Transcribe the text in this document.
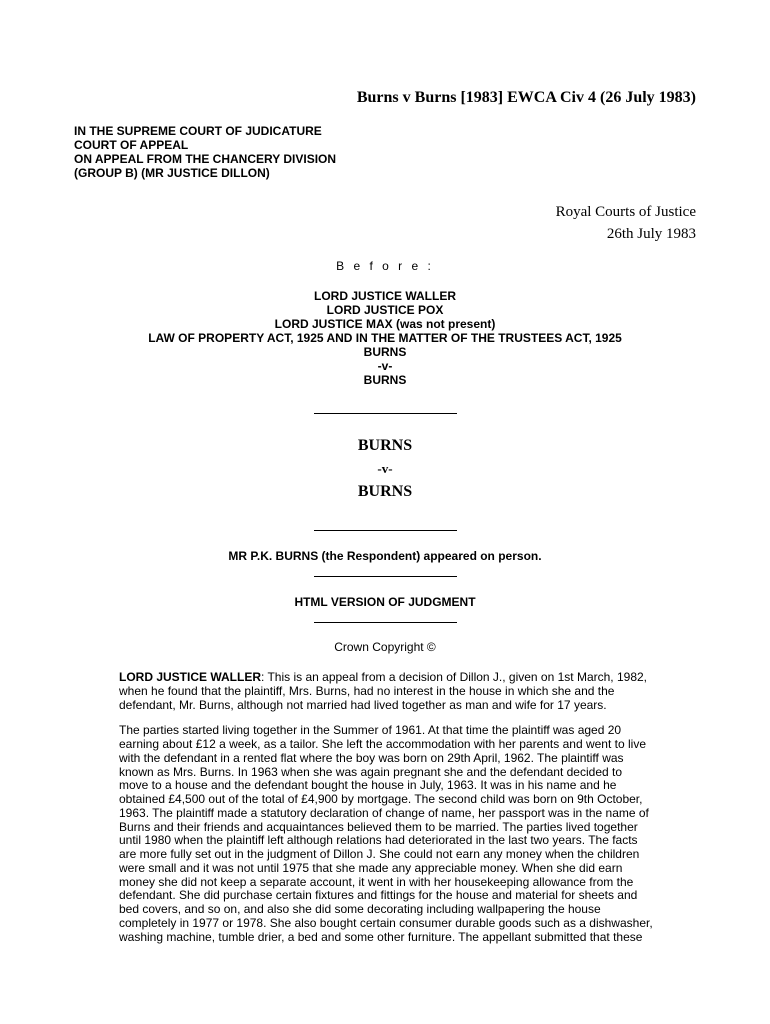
Burns v Burns [1983] EWCA Civ 4 (26 July 1983)
IN THE SUPREME COURT OF JUDICATURE
COURT OF APPEAL
ON APPEAL FROM THE CHANCERY DIVISION
(GROUP B) (MR JUSTICE DILLON)
Royal Courts of Justice
26th July 1983
B e f o r e :
LORD JUSTICE WALLER
LORD JUSTICE POX
LORD JUSTICE MAX (was not present)
LAW OF PROPERTY ACT, 1925 AND IN THE MATTER OF THE TRUSTEES ACT, 1925
BURNS
-v-
BURNS
BURNS
-v-
BURNS
MR P.K. BURNS (the Respondent) appeared on person.
HTML VERSION OF JUDGMENT
Crown Copyright ©

LORD JUSTICE WALLER: This is an appeal from a decision of Dillon J., given on 1st March, 1982,
when he found that the plaintiff, Mrs. Burns, had no interest in the house in which she and the
defendant, Mr. Burns, although not married had lived together as man and wife for 17 years.

The parties started living together in the Summer of 1961. At that time the plaintiff was aged 20
earning about £12 a week, as a tailor. She left the accommodation with her parents and went to live
with the defendant in a rented flat where the boy was born on 29th April, 1962. The plaintiff was
known as Mrs. Burns. In 1963 when she was again pregnant she and the defendant decided to
move to a house and the defendant bought the house in July, 1963. It was in his name and he
obtained £4,500 out of the total of £4,900 by mortgage. The second child was born on 9th October,
1963. The plaintiff made a statutory declaration of change of name, her passport was in the name of
Burns and their friends and acquaintances believed them to be married. The parties lived together
until 1980 when the plaintiff left although relations had deteriorated in the last two years. The facts
are more fully set out in the judgment of Dillon J. She could not earn any money when the children
were small and it was not until 1975 that she made any appreciable money. When she did earn
money she did not keep a separate account, it went in with her housekeeping allowance from the
defendant. She did purchase certain fixtures and fittings for the house and material for sheets and
bed covers, and so on, and also she did some decorating including wallpapering the house
completely in 1977 or 1978. She also bought certain consumer durable goods such as a dishwasher,
washing machine, tumble drier, a bed and some other furniture. The appellant submitted that these
